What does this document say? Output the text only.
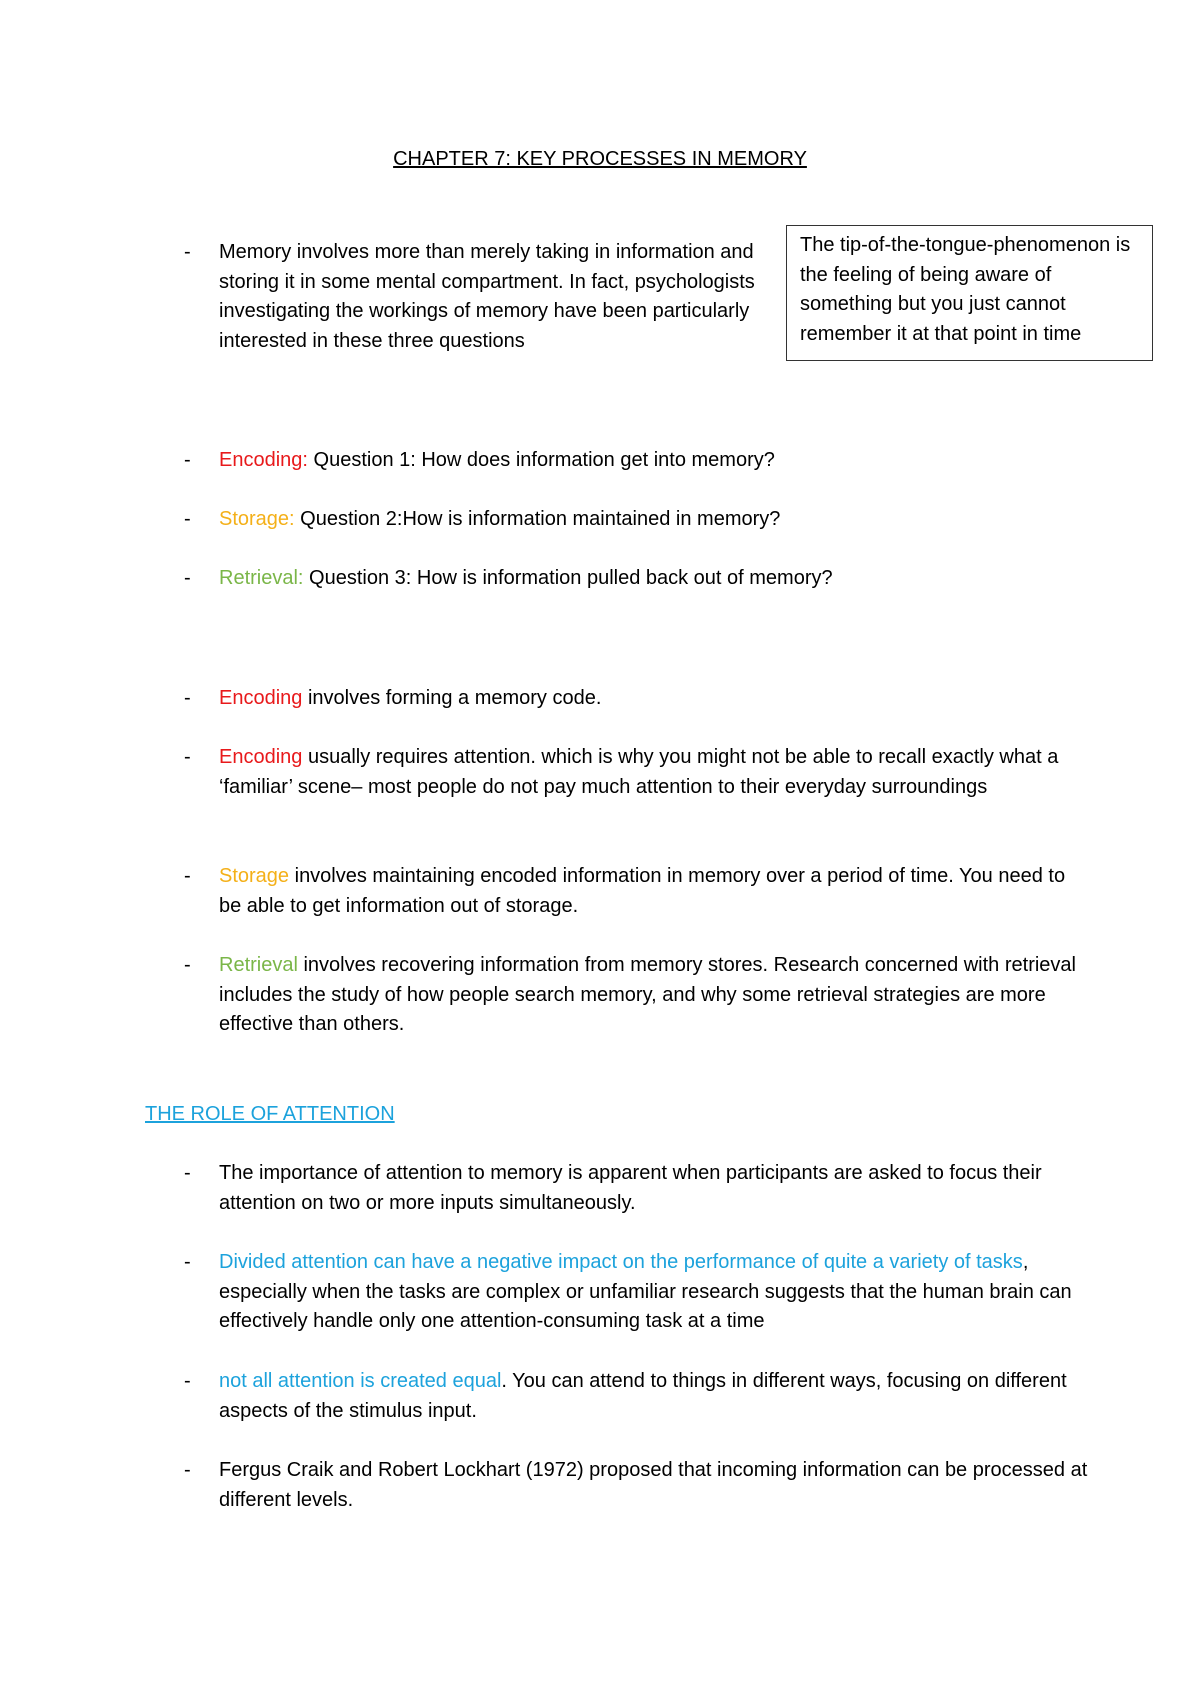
CHAPTER 7: KEY PROCESSES IN MEMORY
The tip-of-the-tongue-phenomenon is the feeling of being aware of something but you just cannot remember it at that point in time
-	Memory involves more than merely taking in information and storing it in some mental compartment. In fact, psychologists investigating the workings of memory have been particularly interested in these three questions
-	Encoding: Question 1: How does information get into memory?
-	Storage: Question 2:How is information maintained in memory?
-	Retrieval: Question 3: How is information pulled back out of memory?
-	Encoding involves forming a memory code.
-	Encoding usually requires attention. which is why you might not be able to recall exactly what a ‘familiar’ scene– most people do not pay much attention to their everyday surroundings
-	Storage involves maintaining encoded information in memory over a period of time. You need to be able to get information out of storage.
-	Retrieval involves recovering information from memory stores. Research concerned with retrieval includes the study of how people search memory, and why some retrieval strategies are more effective than others.
THE ROLE OF ATTENTION
-	The importance of attention to memory is apparent when participants are asked to focus their attention on two or more inputs simultaneously.
-	Divided attention can have a negative impact on the performance of quite a variety of tasks, especially when the tasks are complex or unfamiliar research suggests that the human brain can effectively handle only one attention-consuming task at a time
-	not all attention is created equal. You can attend to things in different ways, focusing on different aspects of the stimulus input.
-	Fergus Craik and Robert Lockhart (1972) proposed that incoming information can be processed at different levels.
